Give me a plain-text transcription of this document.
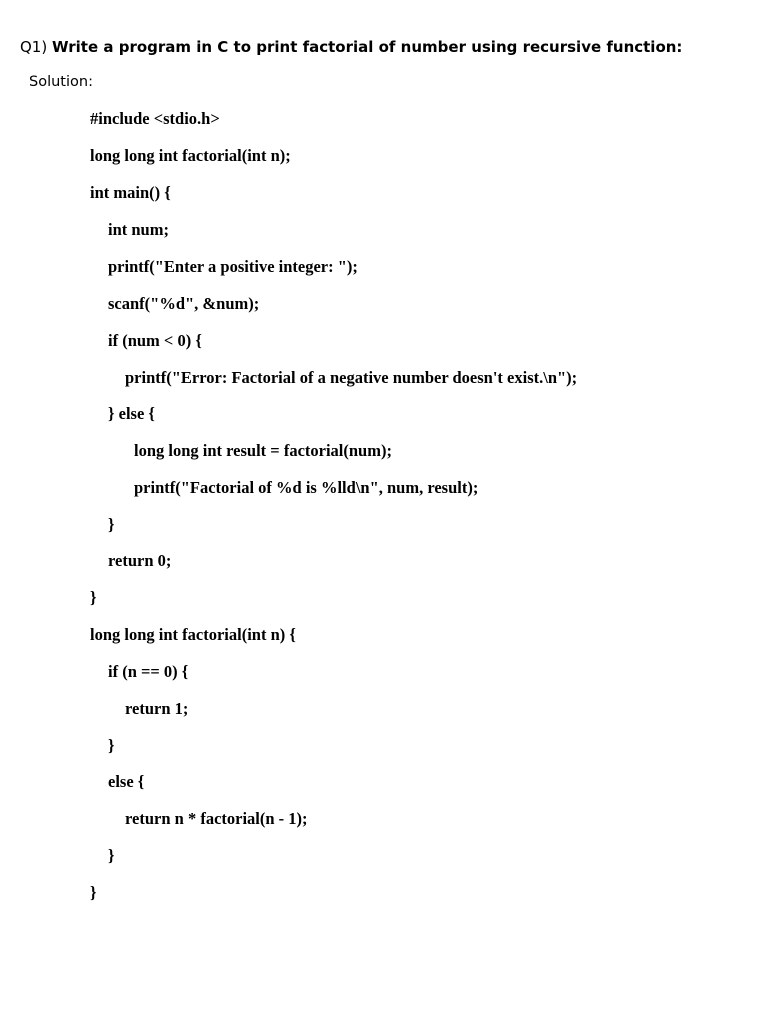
Q1) Write a program in C to print factorial of number using recursive function:
Solution:
#include <stdio.h>
long long int factorial(int n);
int main() {
int num;
printf("Enter a positive integer: ");
scanf("%d", &num);
if (num < 0) {
printf("Error: Factorial of a negative number doesn't exist.\n");
} else {
long long int result = factorial(num);
printf("Factorial of %d is %lld\n", num, result);
}
return 0;
}
long long int factorial(int n) {
if (n == 0) {
return 1;
}
else {
return n * factorial(n - 1);
}
}
